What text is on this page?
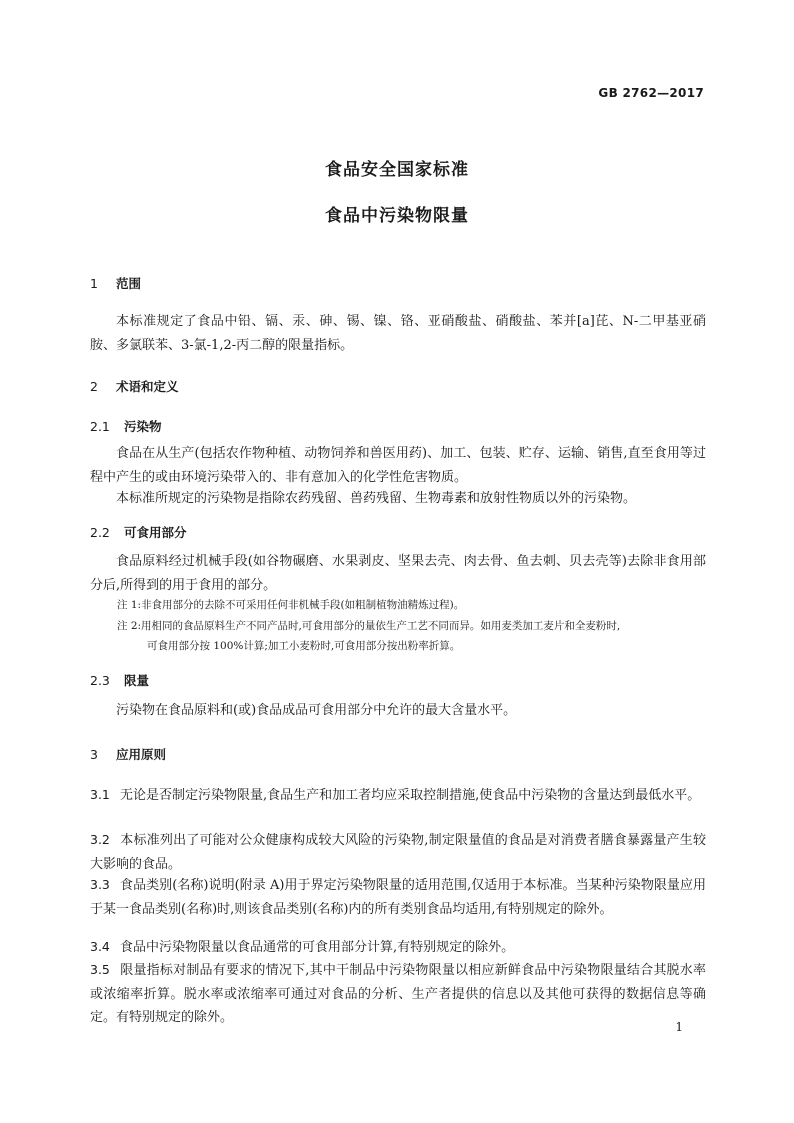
GB 2762—2017
食品安全国家标准
食品中污染物限量
1 范围
本标准规定了食品中铅、镉、汞、砷、锡、镍、铬、亚硝酸盐、硝酸盐、苯并[a]芘、N-二甲基亚硝胺、多氯联苯、3-氯-1,2-丙二醇的限量指标。
2 术语和定义
2.1 污染物
食品在从生产(包括农作物种植、动物饲养和兽医用药)、加工、包装、贮存、运输、销售,直至食用等过程中产生的或由环境污染带入的、非有意加入的化学性危害物质。
本标准所规定的污染物是指除农药残留、兽药残留、生物毒素和放射性物质以外的污染物。
2.2 可食用部分
食品原料经过机械手段(如谷物碾磨、水果剥皮、坚果去壳、肉去骨、鱼去刺、贝去壳等)去除非食用部分后,所得到的用于食用的部分。
注 1:非食用部分的去除不可采用任何非机械手段(如粗制植物油精炼过程)。
注 2:用相同的食品原料生产不同产品时,可食用部分的量依生产工艺不同而异。如用麦类加工麦片和全麦粉时,
可食用部分按 100%计算;加工小麦粉时,可食用部分按出粉率折算。
2.3 限量
污染物在食品原料和(或)食品成品可食用部分中允许的最大含量水平。
3 应用原则
3.1 无论是否制定污染物限量,食品生产和加工者均应采取控制措施,使食品中污染物的含量达到最低水平。
3.2 本标准列出了可能对公众健康构成较大风险的污染物,制定限量值的食品是对消费者膳食暴露量产生较大影响的食品。
3.3 食品类别(名称)说明(附录 A)用于界定污染物限量的适用范围,仅适用于本标准。当某种污染物限量应用于某一食品类别(名称)时,则该食品类别(名称)内的所有类别食品均适用,有特别规定的除外。
3.4 食品中污染物限量以食品通常的可食用部分计算,有特别规定的除外。
3.5 限量指标对制品有要求的情况下,其中干制品中污染物限量以相应新鲜食品中污染物限量结合其脱水率或浓缩率折算。脱水率或浓缩率可通过对食品的分析、生产者提供的信息以及其他可获得的数据信息等确定。有特别规定的除外。
1
